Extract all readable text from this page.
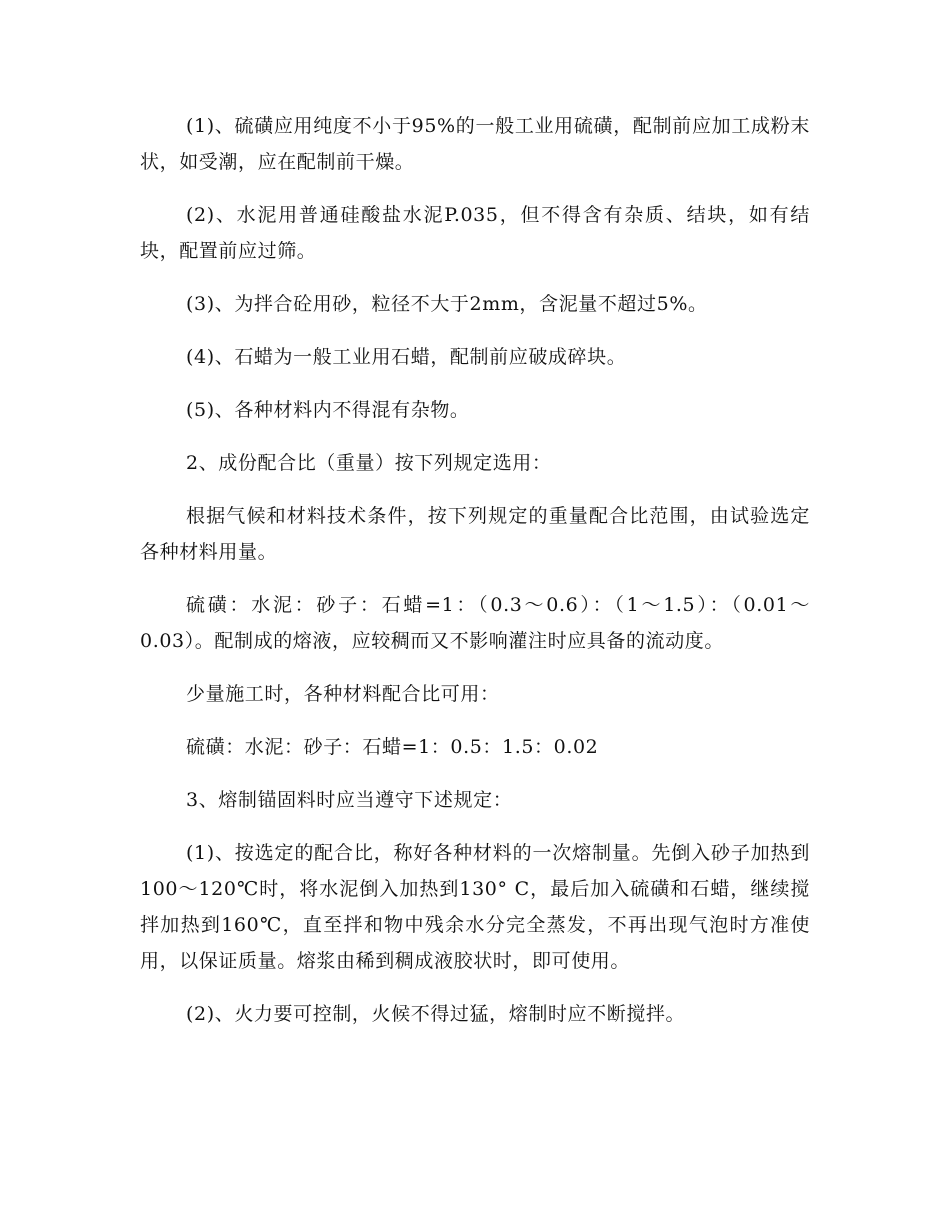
(1)、硫磺应用纯度不小于95%的一般工业用硫磺，配制前应加工成粉末状，如受潮，应在配制前干燥。

(2)、水泥用普通硅酸盐水泥P.035，但不得含有杂质、结块，如有结块，配置前应过筛。

(3)、为拌合砼用砂，粒径不大于2mm，含泥量不超过5%。

(4)、石蜡为一般工业用石蜡，配制前应破成碎块。

(5)、各种材料内不得混有杂物。

2、成份配合比（重量）按下列规定选用：

根据气候和材料技术条件，按下列规定的重量配合比范围，由试验选定各种材料用量。

硫磺：水泥：砂子：石蜡=1：（0.3～0.6）：（1～1.5）：（0.01～0.03）。配制成的熔液，应较稠而又不影响灌注时应具备的流动度。

少量施工时，各种材料配合比可用：

硫磺：水泥：砂子：石蜡=1：0.5：1.5：0.02

3、熔制锚固料时应当遵守下述规定：

(1)、按选定的配合比，称好各种材料的一次熔制量。先倒入砂子加热到100～120℃时，将水泥倒入加热到130° C，最后加入硫磺和石蜡，继续搅拌加热到160℃，直至拌和物中残余水分完全蒸发，不再出现气泡时方准使用，以保证质量。熔浆由稀到稠成液胶状时，即可使用。

(2)、火力要可控制，火候不得过猛，熔制时应不断搅拌。
